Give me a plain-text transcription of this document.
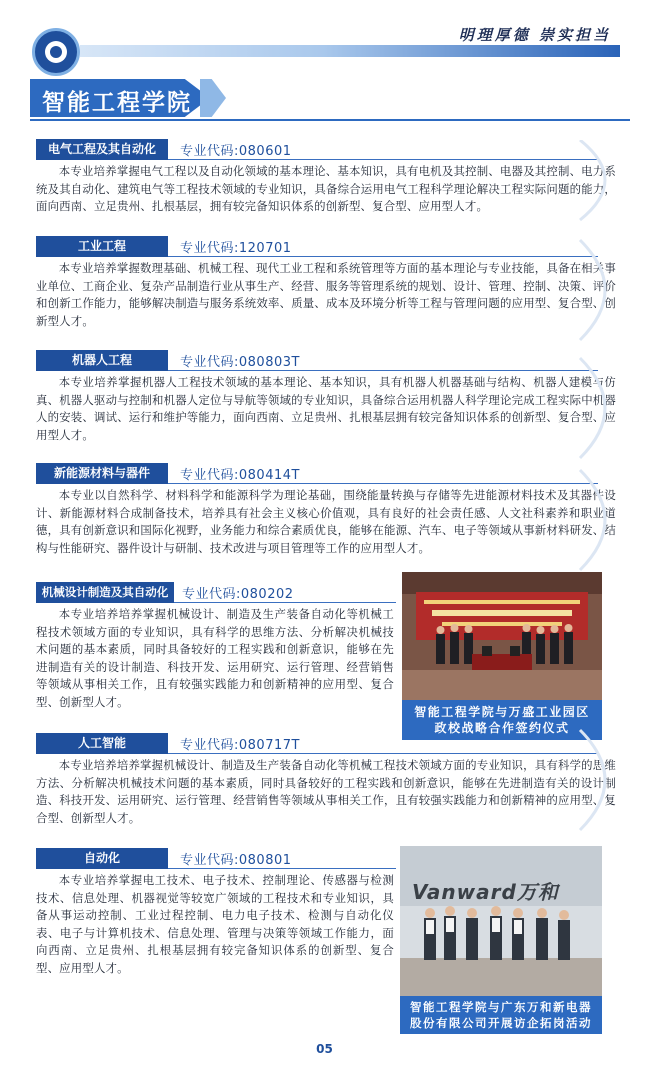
明理厚德 崇实担当
智能工程学院
电气工程及其自动化	专业代码:080601

本专业培养掌握电气工程以及自动化领域的基本理论、基本知识，具有电机及其控制、电器及其控制、电力系统及其自动化、建筑电气等工程技术领域的专业知识，具备综合运用电气工程科学理论解决工程实际问题的能力，面向西南、立足贵州、扎根基层，拥有较完备知识体系的创新型、复合型、应用型人才。

工业工程	专业代码:120701

本专业培养掌握数理基础、机械工程、现代工业工程和系统管理等方面的基本理论与专业技能，具备在相关事业单位、工商企业、复杂产品制造行业从事生产、经营、服务等管理系统的规划、设计、管理、控制、决策、评价和创新工作能力，能够解决制造与服务系统效率、质量、成本及环境分析等工程与管理问题的应用型、复合型、创新型人才。

机器人工程	专业代码:080803T

本专业培养掌握机器人工程技术领域的基本理论、基本知识，具有机器人机器基础与结构、机器人建模与仿真、机器人驱动与控制和机器人定位与导航等领域的专业知识，具备综合运用机器人科学理论完成工程实际中机器人的安装、调试、运行和维护等能力，面向西南、立足贵州、扎根基层拥有较完备知识体系的创新型、复合型、应用型人才。

新能源材料与器件	专业代码:080414T

本专业以自然科学、材料科学和能源科学为理论基础，围绕能量转换与存储等先进能源材料技术及其器件设计、新能源材料合成制备技术，培养具有社会主义核心价值观，具有良好的社会责任感、人文社科素养和职业道德，具有创新意识和国际化视野，业务能力和综合素质优良，能够在能源、汽车、电子等领域从事新材料研发、结构与性能研究、器件设计与研制、技术改进与项目管理等工作的应用型人才。

机械设计制造及其自动化	专业代码:080202

本专业培养培养掌握机械设计、制造及生产装备自动化等机械工程技术领域方面的专业知识，具有科学的思维方法、分析解决机械技术问题的基本素质，同时具备较好的工程实践和创新意识，能够在先进制造有关的设计制造、科技开发、运用研究、运行管理、经营销售等领域从事相关工作，且有较强实践能力和创新精神的应用型、复合型、创新型人才。

智能工程学院与万盛工业园区政校战略合作签约仪式
人工智能	专业代码:080717T

本专业培养培养掌握机械设计、制造及生产装备自动化等机械工程技术领域方面的专业知识，具有科学的思维方法、分析解决机械技术问题的基本素质，同时具备较好的工程实践和创新意识，能够在先进制造有关的设计制造、科技开发、运用研究、运行管理、经营销售等领域从事相关工作，且有较强实践能力和创新精神的应用型、复合型、创新型人才。

自动化	专业代码:080801

本专业培养掌握电工技术、电子技术、控制理论、传感器与检测技术、信息处理、机器视觉等较宽广领域的工程技术和专业知识，具备从事运动控制、工业过程控制、电力电子技术、检测与自动化仪表、电子与计算机技术、信息处理、管理与决策等领域工作能力，面向西南、立足贵州、扎根基层拥有较完备知识体系的创新型、复合型、应用型人才。

Vanward万和
智能工程学院与广东万和新电器股份有限公司开展访企拓岗活动
05
